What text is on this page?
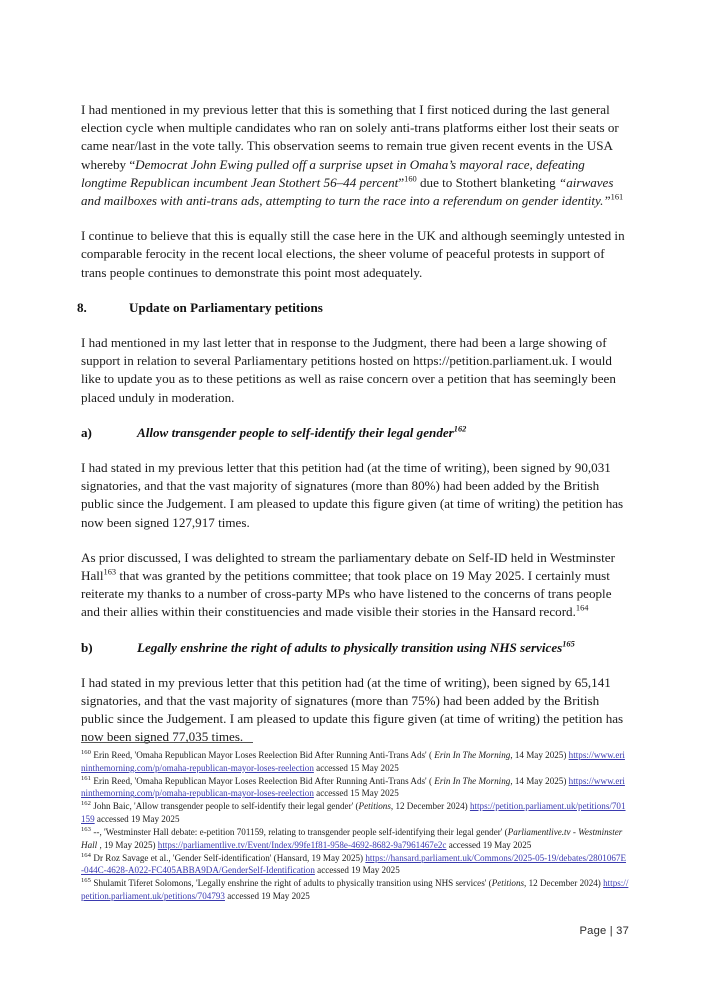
I had mentioned in my previous letter that this is something that I first noticed during the last general election cycle when multiple candidates who ran on solely anti-trans platforms either lost their seats or came near/last in the vote tally. This observation seems to remain true given recent events in the USA whereby “Democrat John Ewing pulled off a surprise upset in Omaha’s mayoral race, defeating longtime Republican incumbent Jean Stothert 56–44 percent”$^{160}$ due to Stothert blanketing “airwaves and mailboxes with anti-trans ads, attempting to turn the race into a referendum on gender identity.”$^{161}$

I continue to believe that this is equally still the case here in the UK and although seemingly untested in comparable ferocity in the recent local elections, the sheer volume of peaceful protests in support of trans people continues to demonstrate this point most adequately.

8.	Update on Parliamentary petitions

I had mentioned in my last letter that in response to the Judgment, there had been a large showing of support in relation to several Parliamentary petitions hosted on https://petition.parliament.uk. I would like to update you as to these petitions as well as raise concern over a petition that has seemingly been placed unduly in moderation.

a)	Allow transgender people to self-identify their legal gender$^{162}$

I had stated in my previous letter that this petition had (at the time of writing), been signed by 90,031 signatories, and that the vast majority of signatures (more than 80%) had been added by the British public since the Judgement. I am pleased to update this figure given (at time of writing) the petition has now been signed 127,917 times.

As prior discussed, I was delighted to stream the parliamentary debate on Self-ID held in Westminster Hall$^{163}$ that was granted by the petitions committee; that took place on 19 May 2025. I certainly must reiterate my thanks to a number of cross-party MPs who have listened to the concerns of trans people and their allies within their constituencies and made visible their stories in the Hansard record.$^{164}$

b)	Legally enshrine the right of adults to physically transition using NHS services$^{165}$

I had stated in my previous letter that this petition had (at the time of writing), been signed by 65,141 signatories, and that the vast majority of signatures (more than 75%) had been added by the British public since the Judgement. I am pleased to update this figure given (at time of writing) the petition has now been signed 77,035 times.

$^{160}$ Erin Reed, 'Omaha Republican Mayor Loses Reelection Bid After Running Anti-Trans Ads' ( Erin In The Morning, 14 May 2025) https://www.erininthemorning.com/p/omaha-republican-mayor-loses-reelection accessed 15 May 2025

$^{161}$ Erin Reed, 'Omaha Republican Mayor Loses Reelection Bid After Running Anti-Trans Ads' ( Erin In The Morning, 14 May 2025) https://www.erininthemorning.com/p/omaha-republican-mayor-loses-reelection accessed 15 May 2025

$^{162}$ John Baic, 'Allow transgender people to self-identify their legal gender' (Petitions, 12 December 2024) https://petition.parliament.uk/petitions/701159 accessed 19 May 2025

$^{163}$ --, 'Westminster Hall debate: e-petition 701159, relating to transgender people self-identifying their legal gender' (Parliamentlive.tv - Westminster Hall , 19 May 2025) https://parliamentlive.tv/Event/Index/99fe1f81-958e-4692-8682-9a7961467e2c accessed 19 May 2025

$^{164}$ Dr Roz Savage et al., 'Gender Self-identification' (Hansard, 19 May 2025) https://hansard.parliament.uk/Commons/2025-05-19/debates/2801067E-044C-4628-A022-FC405ABBA9DA/GenderSelf-Identification accessed 19 May 2025

$^{165}$ Shulamit Tiferet Solomons, 'Legally enshrine the right of adults to physically transition using NHS services' (Petitions, 12 December 2024) https://petition.parliament.uk/petitions/704793 accessed 19 May 2025

Page | 37
